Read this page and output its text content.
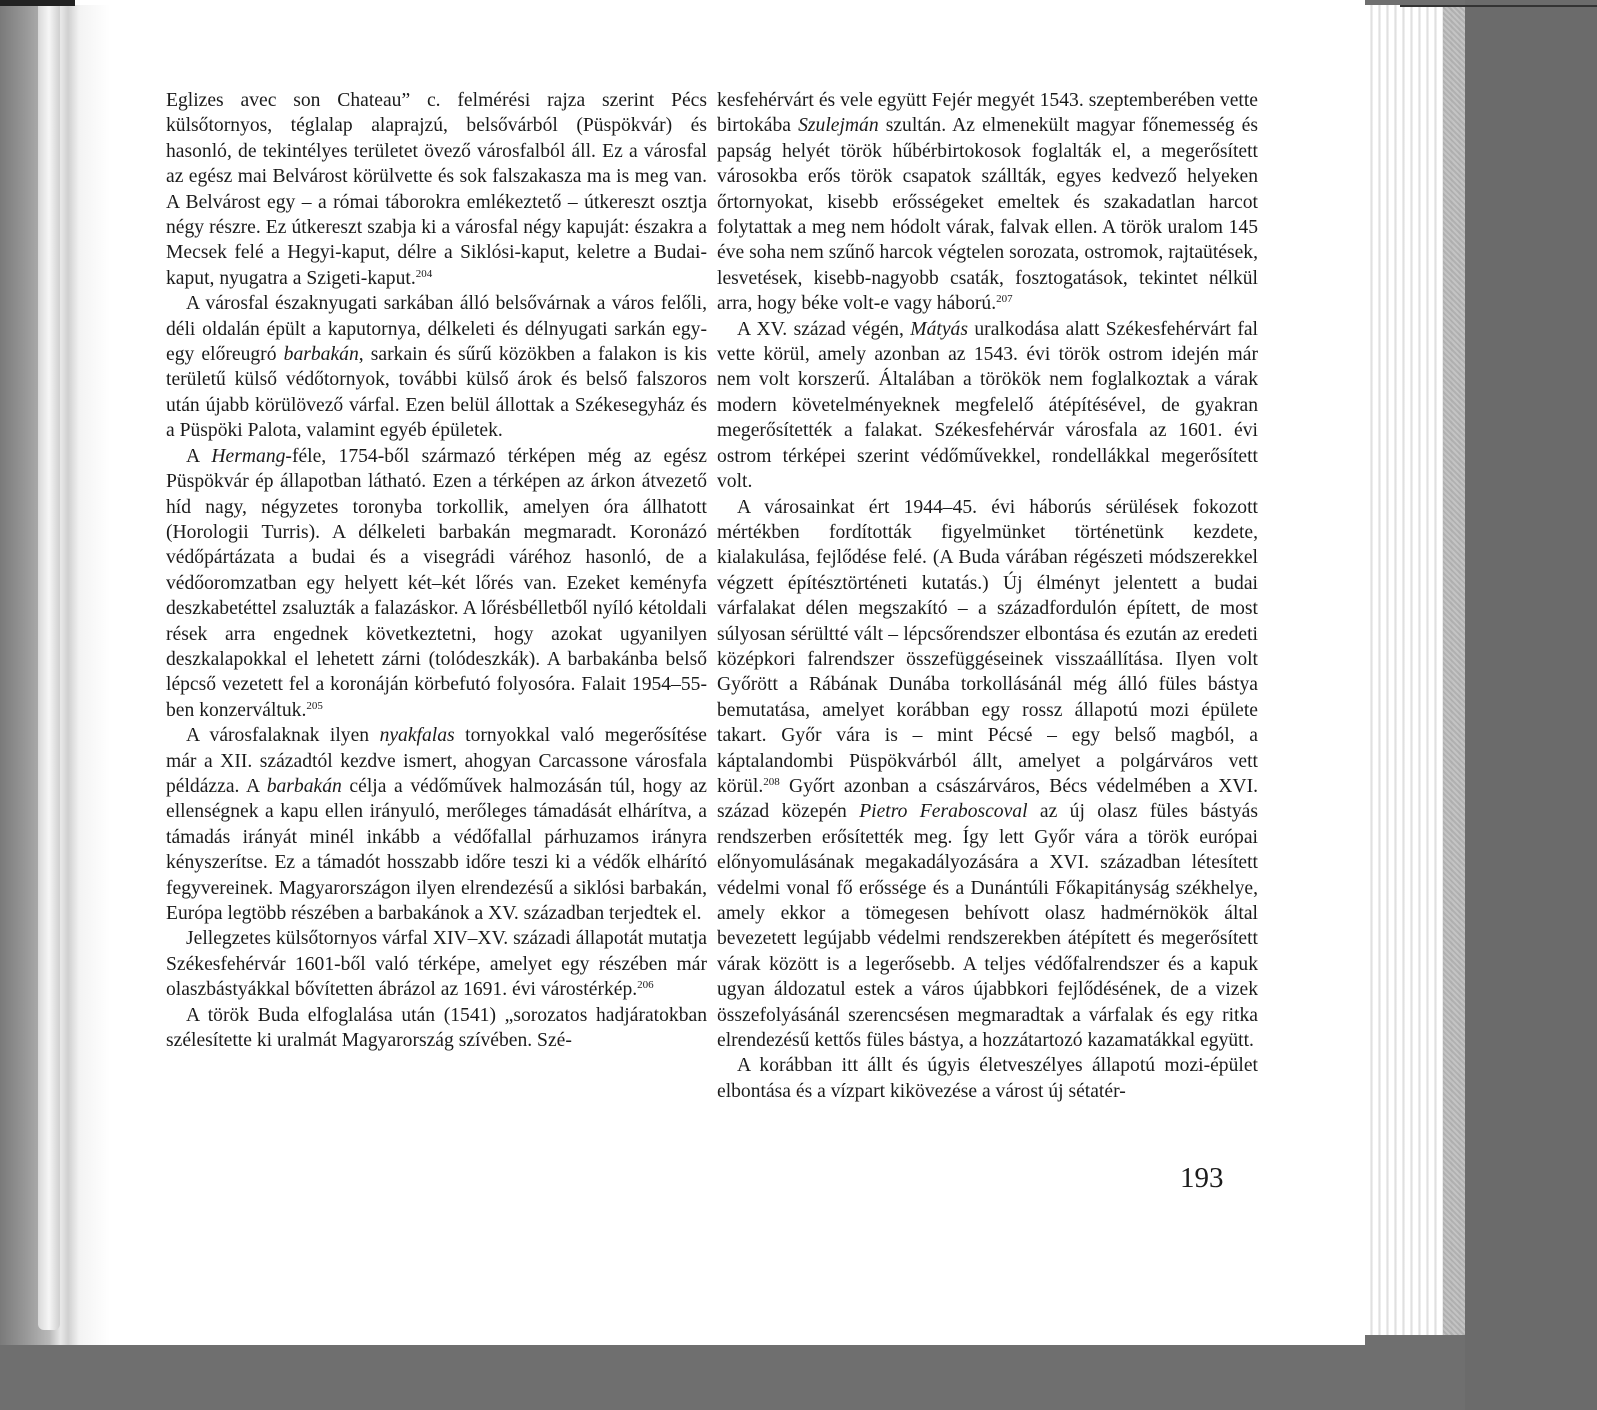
Eglizes avec son Chateau” c. felmérési rajza szerint Pécs külsőtornyos, téglalap alaprajzú, belsővárból (Püspökvár) és hasonló, de tekintélyes területet övező városfalból áll. Ez a városfal az egész mai Belvárost körülvette és sok falszakasza ma is meg van. A Belvárost egy – a római táborokra emlékeztető – útkereszt osztja négy részre. Ez útkereszt szabja ki a városfal négy kapuját: északra a Mecsek felé a Hegyi-kaput, délre a Siklósi-kaput, keletre a Budai-kaput, nyugatra a Szigeti-kaput.$^{204}$

A városfal északnyugati sarkában álló belsővárnak a város felőli, déli oldalán épült a kaputornya, délkeleti és délnyugati sarkán egy-egy előreugró barbakán, sarkain és sűrű közökben a falakon is kis területű külső védőtornyok, további külső árok és belső falszoros után újabb körülövező várfal. Ezen belül állottak a Székesegyház és a Püspöki Palota, valamint egyéb épületek.

A Hermang-féle, 1754-ből származó térképen még az egész Püspökvár ép állapotban látható. Ezen a térképen az árkon átvezető híd nagy, négyzetes toronyba torkollik, amelyen óra állhatott (Horologii Turris). A délkeleti barbakán megmaradt. Koronázó védőpártázata a budai és a visegrádi váréhoz hasonló, de a védőoromzatban egy helyett két–két lőrés van. Ezeket keményfa deszkabetéttel zsaluzták a falazáskor. A lőrésbélletből nyíló kétoldali rések arra engednek következtetni, hogy azokat ugyanilyen deszkalapokkal el lehetett zárni (tolódeszkák). A barbakánba belső lépcső vezetett fel a koronáján körbefutó folyosóra. Falait 1954–55-ben konzerváltuk.$^{205}$

A városfalaknak ilyen nyakfalas tornyokkal való megerősítése már a XII. századtól kezdve ismert, ahogyan Carcassone városfala példázza. A barbakán célja a védőművek halmozásán túl, hogy az ellenségnek a kapu ellen irányuló, merőleges támadását elhárítva, a támadás irányát minél inkább a védőfallal párhuzamos irányra kényszerítse. Ez a támadót hosszabb időre teszi ki a védők elhárító fegyvereinek. Magyarországon ilyen elrendezésű a siklósi barbakán, Európa legtöbb részében a barbakánok a XV. században terjedtek el.

Jellegzetes külsőtornyos várfal XIV–XV. századi állapotát mutatja Székesfehérvár 1601-ből való térképe, amelyet egy részében már olaszbástyákkal bővítetten ábrázol az 1691. évi várostérkép.$^{206}$

A török Buda elfoglalása után (1541) „sorozatos hadjáratokban szélesítette ki uralmát Magyarország szívében. Szé-

kesfehérvárt és vele együtt Fejér megyét 1543. szeptemberében vette birtokába Szulejmán szultán. Az elmenekült magyar főnemesség és papság helyét török hűbérbirtokosok foglalták el, a megerősített városokba erős török csapatok szállták, egyes kedvező helyeken őrtornyokat, kisebb erősségeket emeltek és szakadatlan harcot folytattak a meg nem hódolt várak, falvak ellen. A török uralom 145 éve soha nem szűnő harcok végtelen sorozata, ostromok, rajtaütések, lesvetések, kisebb-nagyobb csaták, fosztogatások, tekintet nélkül arra, hogy béke volt-e vagy háború.$^{207}$

A XV. század végén, Mátyás uralkodása alatt Székesfehérvárt fal vette körül, amely azonban az 1543. évi török ostrom idején már nem volt korszerű. Általában a törökök nem foglalkoztak a várak modern követelményeknek megfelelő átépítésével, de gyakran megerősítették a falakat. Székesfehérvár városfala az 1601. évi ostrom térképei szerint védőművekkel, rondellákkal megerősített volt.

A városainkat ért 1944–45. évi háborús sérülések fokozott mértékben fordították figyelmünket történetünk kezdete, kialakulása, fejlődése felé. (A Buda várában régészeti módszerekkel végzett építésztörténeti kutatás.) Új élményt jelentett a budai várfalakat délen megszakító – a századfordulón épített, de most súlyosan sérültté vált – lépcsőrendszer elbontása és ezután az eredeti középkori falrendszer összefüggéseinek visszaállítása. Ilyen volt Győrött a Rábának Dunába torkollásánál még álló füles bástya bemutatása, amelyet korábban egy rossz állapotú mozi épülete takart. Győr vára is – mint Pécsé – egy belső magból, a káptalandombi Püspökvárból állt, amelyet a polgárváros vett körül.$^{208}$ Győrt azonban a császárváros, Bécs védelmében a XVI. század közepén Pietro Feraboscoval az új olasz füles bástyás rendszerben erősítették meg. Így lett Győr vára a török európai előnyomulásának megakadályozására a XVI. században létesített védelmi vonal fő erőssége és a Dunántúli Főkapitányság székhelye, amely ekkor a tömegesen behívott olasz hadmérnökök által bevezetett legújabb védelmi rendszerekben átépített és megerősített várak között is a legerősebb. A teljes védőfalrendszer és a kapuk ugyan áldozatul estek a város újabbkori fejlődésének, de a vizek összefolyásánál szerencsésen megmaradtak a várfalak és egy ritka elrendezésű kettős füles bástya, a hozzátartozó kazamatákkal együtt.

A korábban itt állt és úgyis életveszélyes állapotú mozi-épület elbontása és a vízpart kikövezése a várost új sétatér-

193
